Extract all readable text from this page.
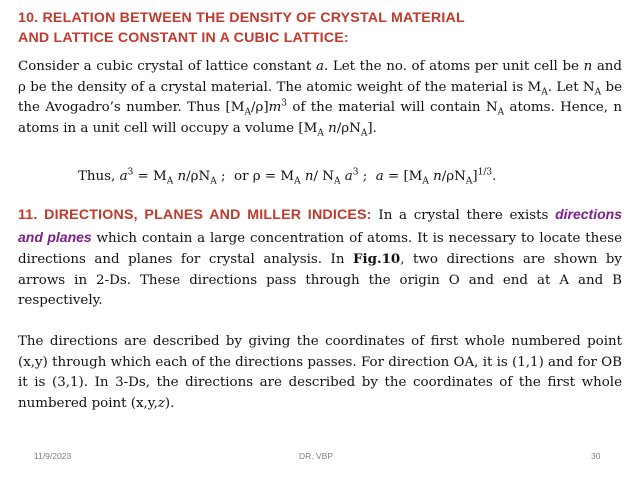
10. RELATION BETWEEN THE DENSITY OF CRYSTAL MATERIAL
AND LATTICE CONSTANT IN A CUBIC LATTICE:
Consider a cubic crystal of lattice constant a. Let the no. of atoms per unit cell be n and ρ be the density of a crystal material. The atomic weight of the material is $M_A$. Let $N_A$ be the Avogadro’s number. Thus $[M_A/\rho]m^3$ of the material will contain $N_A$ atoms. Hence, n atoms in a unit cell will occupy a volume [$M_A$ $n/\rho N_A$].
Thus, $a^3 = M_A$ $n/\rho N_A$ ;  or $\rho = M_A$ n/ $N_A$ $a^3$ ;  $a = [M_A$ $n/\rho N_A]^{1/3}$.
11. DIRECTIONS, PLANES AND MILLER INDICES: In a crystal there exists directions and planes which contain a large concentration of atoms. It is necessary to locate these directions and planes for crystal analysis. In Fig.10, two directions are shown by arrows in 2-Ds. These directions pass through the origin O and end at A and B respectively.
The directions are described by giving the coordinates of first whole numbered point (x,y) through which each of the directions passes. For direction OA, it is (1,1) and for OB it is (3,1). In 3-Ds, the directions are described by the coordinates of the first whole numbered point (x,y,z).
11/9/2023	DR. VBP	30
